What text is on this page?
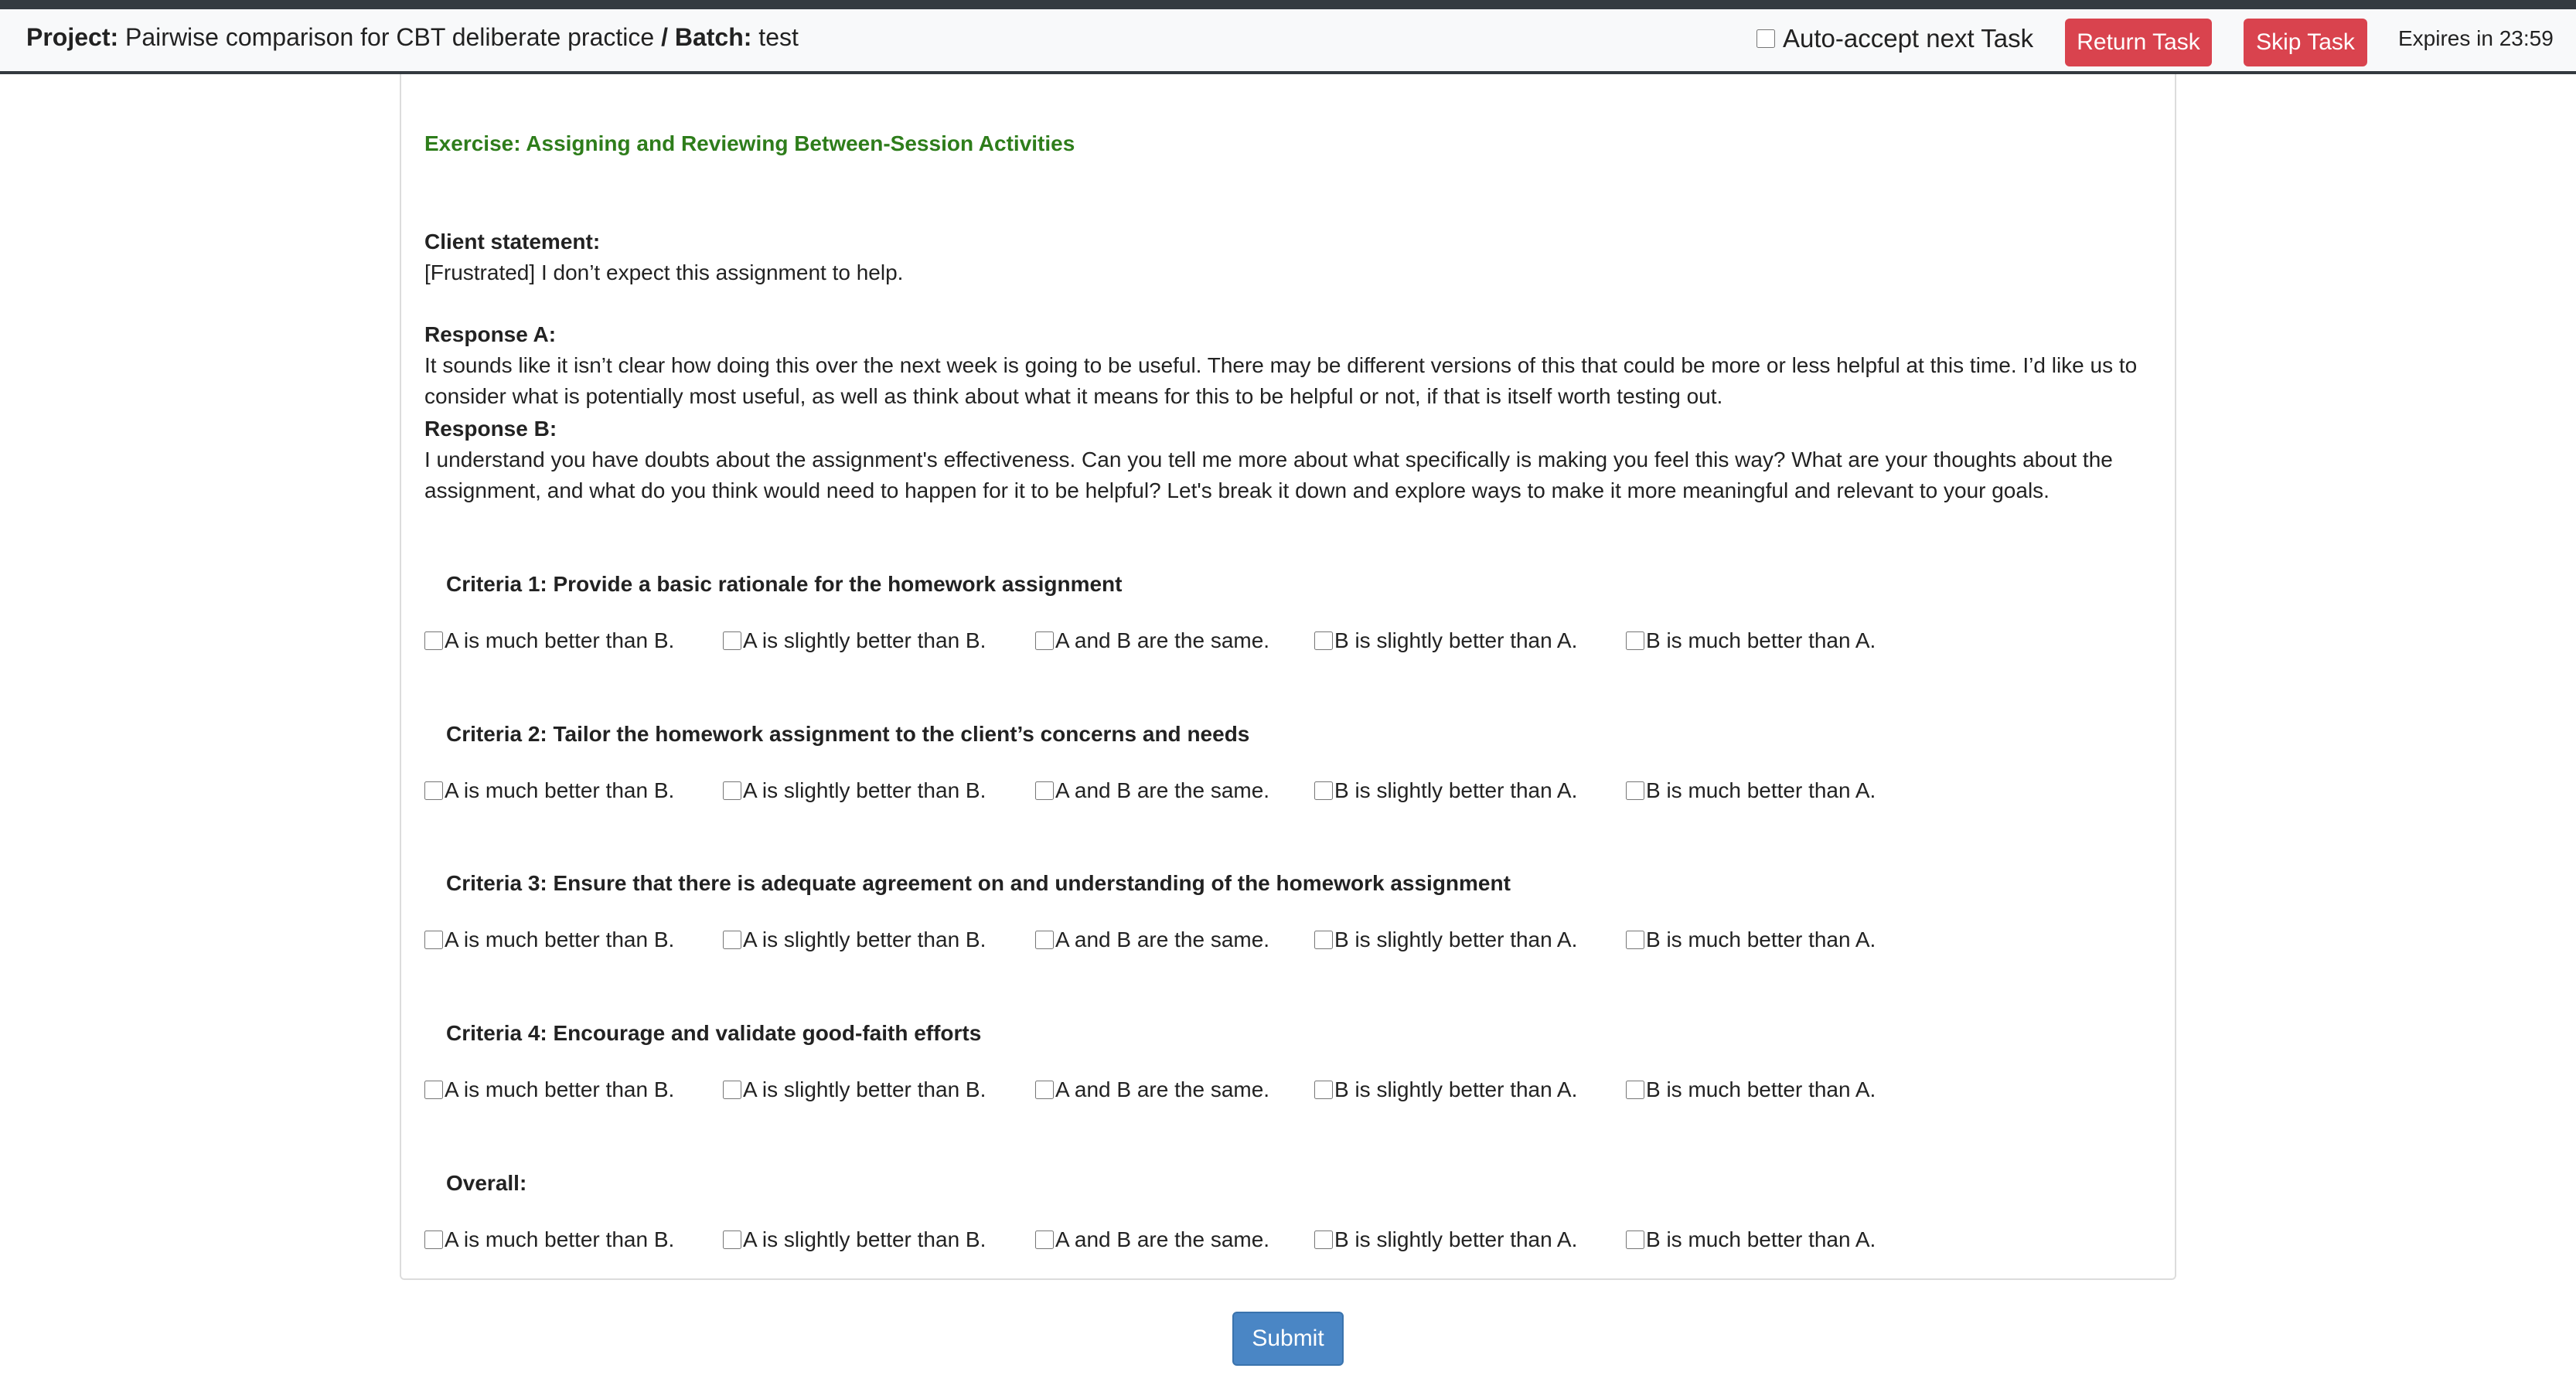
Project: Pairwise comparison for CBT deliberate practice / Batch: test	Auto-accept next Task	Return Task	Skip Task	Expires in 23:59
Exercise: Assigning and Reviewing Between-Session Activities
Client statement:
[Frustrated] I don’t expect this assignment to help.
Response A:
It sounds like it isn’t clear how doing this over the next week is going to be useful. There may be different versions of this that could be more or less helpful at this time. I’d like us to consider what is potentially most useful, as well as think about what it means for this to be helpful or not, if that is itself worth testing out.
Response B:
I understand you have doubts about the assignment's effectiveness. Can you tell me more about what specifically is making you feel this way? What are your thoughts about the assignment, and what do you think would need to happen for it to be helpful? Let's break it down and explore ways to make it more meaningful and relevant to your goals.
Criteria 1: Provide a basic rationale for the homework assignment
A is much better than B.	A is slightly better than B.	A and B are the same.	B is slightly better than A.	B is much better than A.
Criteria 2: Tailor the homework assignment to the client’s concerns and needs
A is much better than B.	A is slightly better than B.	A and B are the same.	B is slightly better than A.	B is much better than A.
Criteria 3: Ensure that there is adequate agreement on and understanding of the homework assignment
A is much better than B.	A is slightly better than B.	A and B are the same.	B is slightly better than A.	B is much better than A.
Criteria 4: Encourage and validate good-faith efforts
A is much better than B.	A is slightly better than B.	A and B are the same.	B is slightly better than A.	B is much better than A.
Overall:
A is much better than B.	A is slightly better than B.	A and B are the same.	B is slightly better than A.	B is much better than A.
Submit
